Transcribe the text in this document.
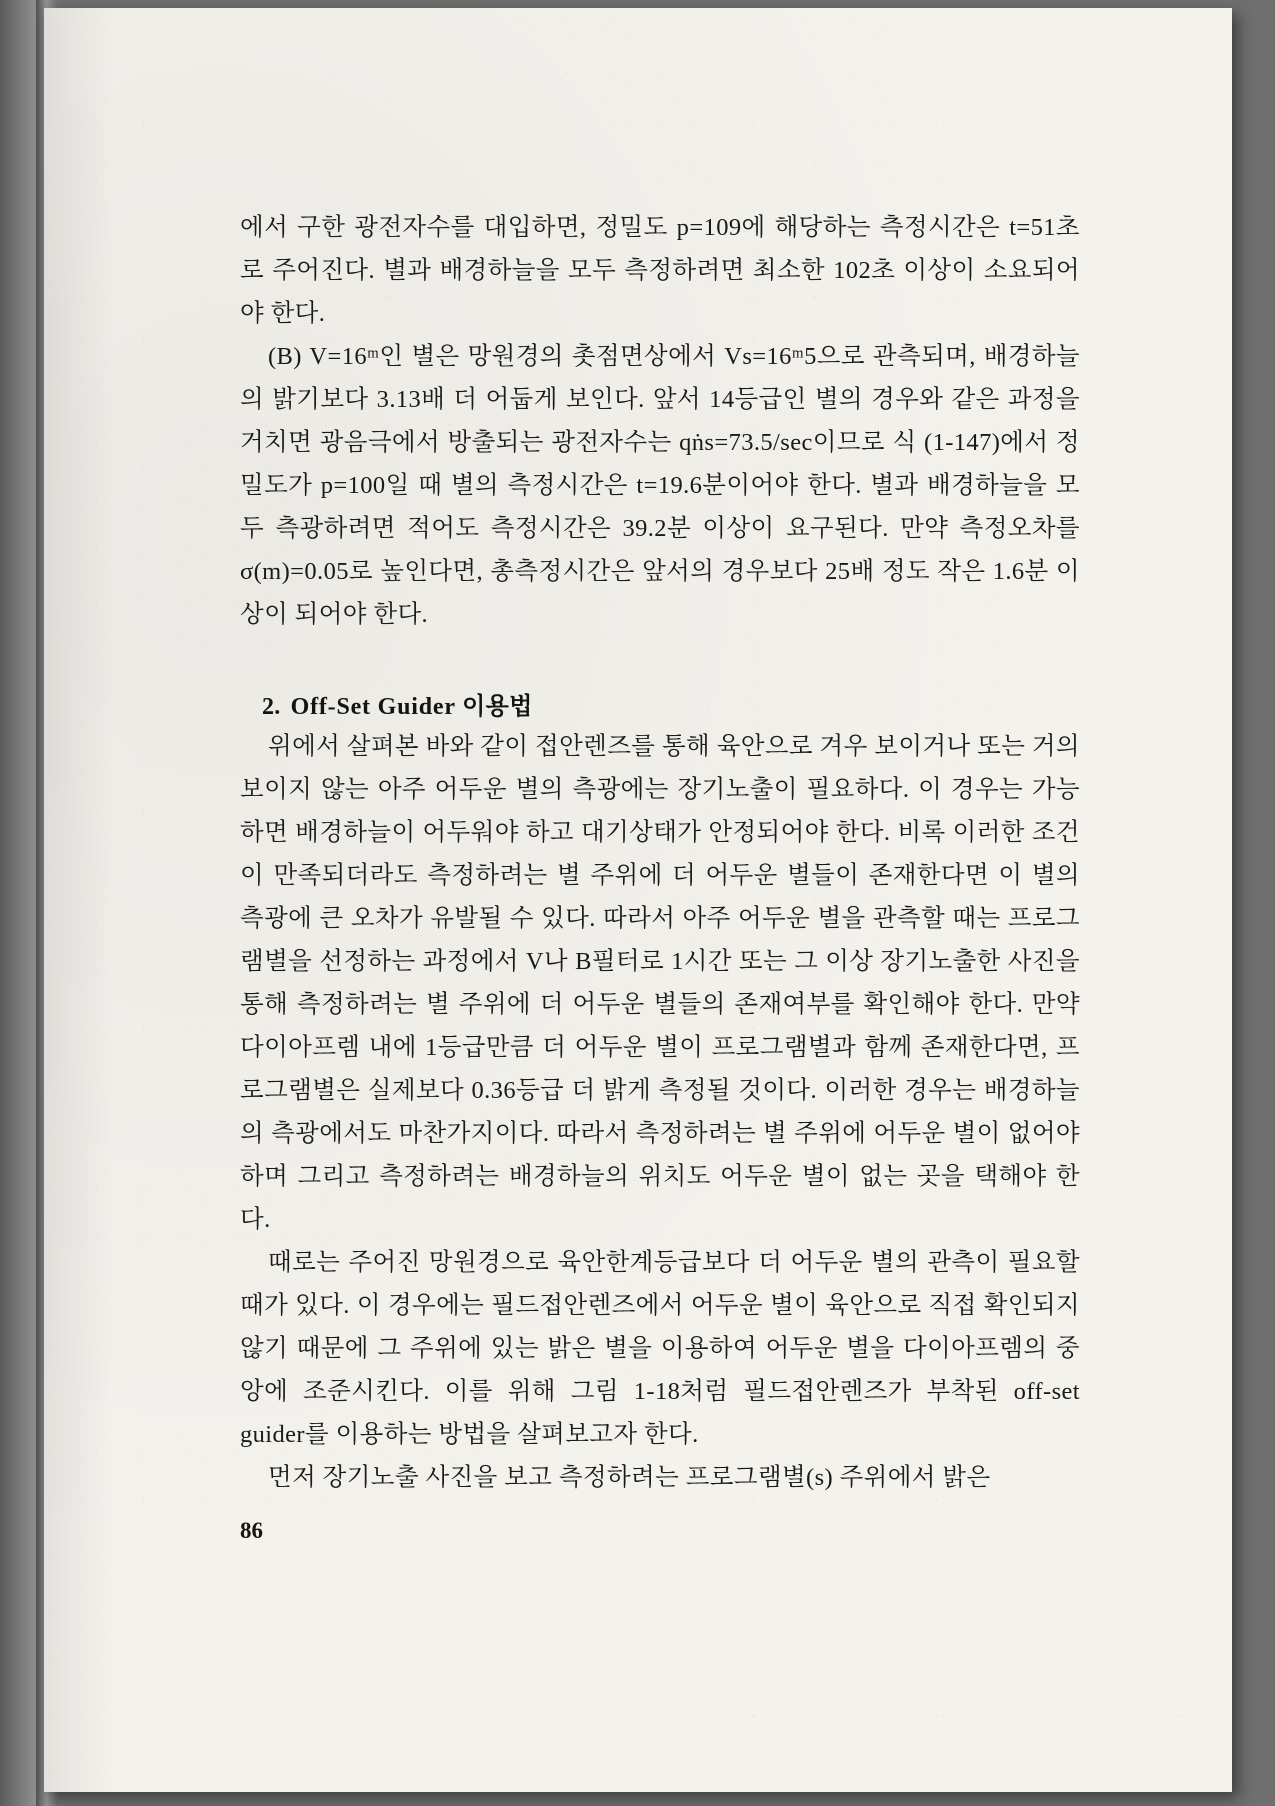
에서 구한 광전자수를 대입하면, 정밀도 p=109에 해당하는 측정시간은 t=51초로 주어진다. 별과 배경하늘을 모두 측정하려면 최소한 102초 이상이 소요되어야 한다.

(B) V=16ᵐ인 별은 망원경의 촛점면상에서 Vs=16ᵐ5으로 관측되며, 배경하늘의 밝기보다 3.13배 더 어둡게 보인다. 앞서 14등급인 별의 경우와 같은 과정을 거치면 광음극에서 방출되는 광전자수는 qṅs=73.5/sec이므로 식 (1-147)에서 정밀도가 p=100일 때 별의 측정시간은 t=19.6분이어야 한다. 별과 배경하늘을 모두 측광하려면 적어도 측정시간은 39.2분 이상이 요구된다. 만약 측정오차를 σ(m)=0.05로 높인다면, 총측정시간은 앞서의 경우보다 25배 정도 작은 1.6분 이상이 되어야 한다.

2. Off-Set Guider 이용법

위에서 살펴본 바와 같이 접안렌즈를 통해 육안으로 겨우 보이거나 또는 거의 보이지 않는 아주 어두운 별의 측광에는 장기노출이 필요하다. 이 경우는 가능하면 배경하늘이 어두워야 하고 대기상태가 안정되어야 한다. 비록 이러한 조건이 만족되더라도 측정하려는 별 주위에 더 어두운 별들이 존재한다면 이 별의 측광에 큰 오차가 유발될 수 있다. 따라서 아주 어두운 별을 관측할 때는 프로그램별을 선정하는 과정에서 V나 B필터로 1시간 또는 그 이상 장기노출한 사진을 통해 측정하려는 별 주위에 더 어두운 별들의 존재여부를 확인해야 한다. 만약 다이아프렘 내에 1등급만큼 더 어두운 별이 프로그램별과 함께 존재한다면, 프로그램별은 실제보다 0.36등급 더 밝게 측정될 것이다. 이러한 경우는 배경하늘의 측광에서도 마찬가지이다. 따라서 측정하려는 별 주위에 어두운 별이 없어야 하며 그리고 측정하려는 배경하늘의 위치도 어두운 별이 없는 곳을 택해야 한다.

때로는 주어진 망원경으로 육안한계등급보다 더 어두운 별의 관측이 필요할 때가 있다. 이 경우에는 필드접안렌즈에서 어두운 별이 육안으로 직접 확인되지 않기 때문에 그 주위에 있는 밝은 별을 이용하여 어두운 별을 다이아프렘의 중앙에 조준시킨다. 이를 위해 그림 1-18처럼 필드접안렌즈가 부착된 off-set guider를 이용하는 방법을 살펴보고자 한다.

먼저 장기노출 사진을 보고 측정하려는 프로그램별(s) 주위에서 밝은

86
